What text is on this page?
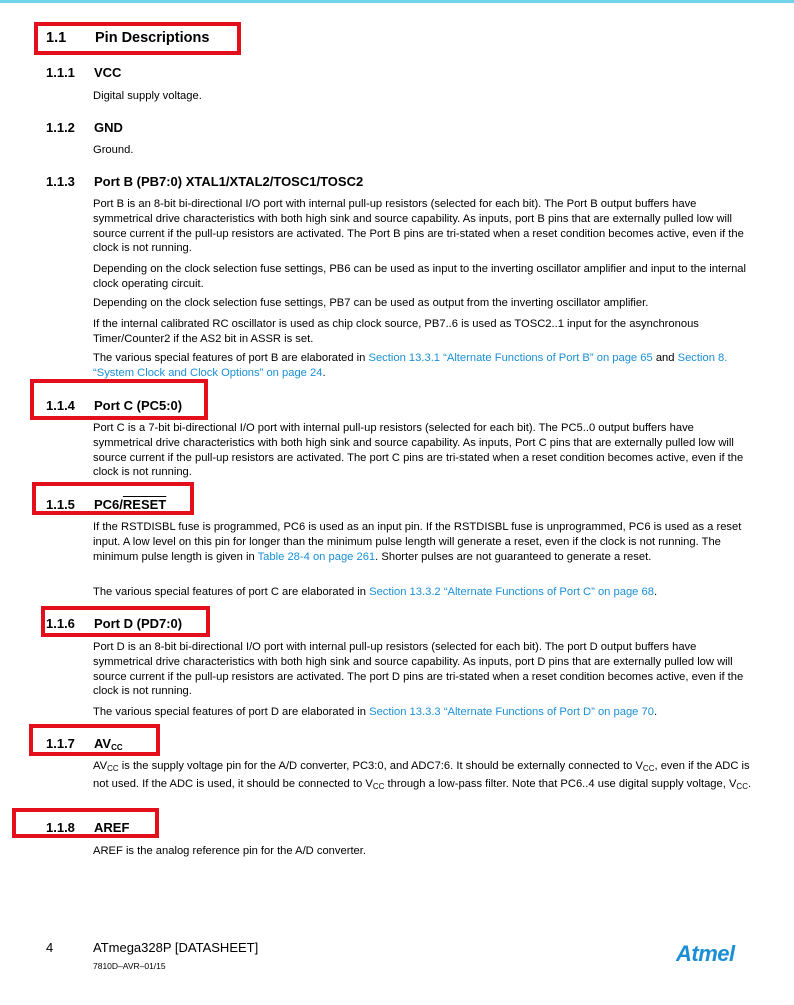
1.1 Pin Descriptions
1.1.1 VCC
Digital supply voltage.
1.1.2 GND
Ground.
1.1.3 Port B (PB7:0) XTAL1/XTAL2/TOSC1/TOSC2
Port B is an 8-bit bi-directional I/O port with internal pull-up resistors (selected for each bit). The Port B output buffers have symmetrical drive characteristics with both high sink and source capability. As inputs, port B pins that are externally pulled low will source current if the pull-up resistors are activated. The Port B pins are tri-stated when a reset condition becomes active, even if the clock is not running.
Depending on the clock selection fuse settings, PB6 can be used as input to the inverting oscillator amplifier and input to the internal clock operating circuit.
Depending on the clock selection fuse settings, PB7 can be used as output from the inverting oscillator amplifier.
If the internal calibrated RC oscillator is used as chip clock source, PB7..6 is used as TOSC2..1 input for the asynchronous Timer/Counter2 if the AS2 bit in ASSR is set.
The various special features of port B are elaborated in Section 13.3.1 “Alternate Functions of Port B” on page 65 and Section 8. “System Clock and Clock Options” on page 24.
1.1.4 Port C (PC5:0)
Port C is a 7-bit bi-directional I/O port with internal pull-up resistors (selected for each bit). The PC5..0 output buffers have symmetrical drive characteristics with both high sink and source capability. As inputs, Port C pins that are externally pulled low will source current if the pull-up resistors are activated. The port C pins are tri-stated when a reset condition becomes active, even if the clock is not running.
1.1.5 PC6/RESET
If the RSTDISBL fuse is programmed, PC6 is used as an input pin. If the RSTDISBL fuse is unprogrammed, PC6 is used as a reset input. A low level on this pin for longer than the minimum pulse length will generate a reset, even if the clock is not running. The minimum pulse length is given in Table 28-4 on page 261. Shorter pulses are not guaranteed to generate a reset.
The various special features of port C are elaborated in Section 13.3.2 “Alternate Functions of Port C” on page 68.
1.1.6 Port D (PD7:0)
Port D is an 8-bit bi-directional I/O port with internal pull-up resistors (selected for each bit). The port D output buffers have symmetrical drive characteristics with both high sink and source capability. As inputs, port D pins that are externally pulled low will source current if the pull-up resistors are activated. The port D pins are tri-stated when a reset condition becomes active, even if the clock is not running.
The various special features of port D are elaborated in Section 13.3.3 “Alternate Functions of Port D” on page 70.
1.1.7 $AV_{CC}$
$AV_{CC}$ is the supply voltage pin for the A/D converter, PC3:0, and ADC7:6. It should be externally connected to $V_{CC}$, even if the ADC is not used. If the ADC is used, it should be connected to $V_{CC}$ through a low-pass filter. Note that PC6..4 use digital supply voltage, $V_{CC}$.
1.1.8 AREF
AREF is the analog reference pin for the A/D converter.
4	ATmega328P [DATASHEET]
7810D–AVR–01/15	Atmel
